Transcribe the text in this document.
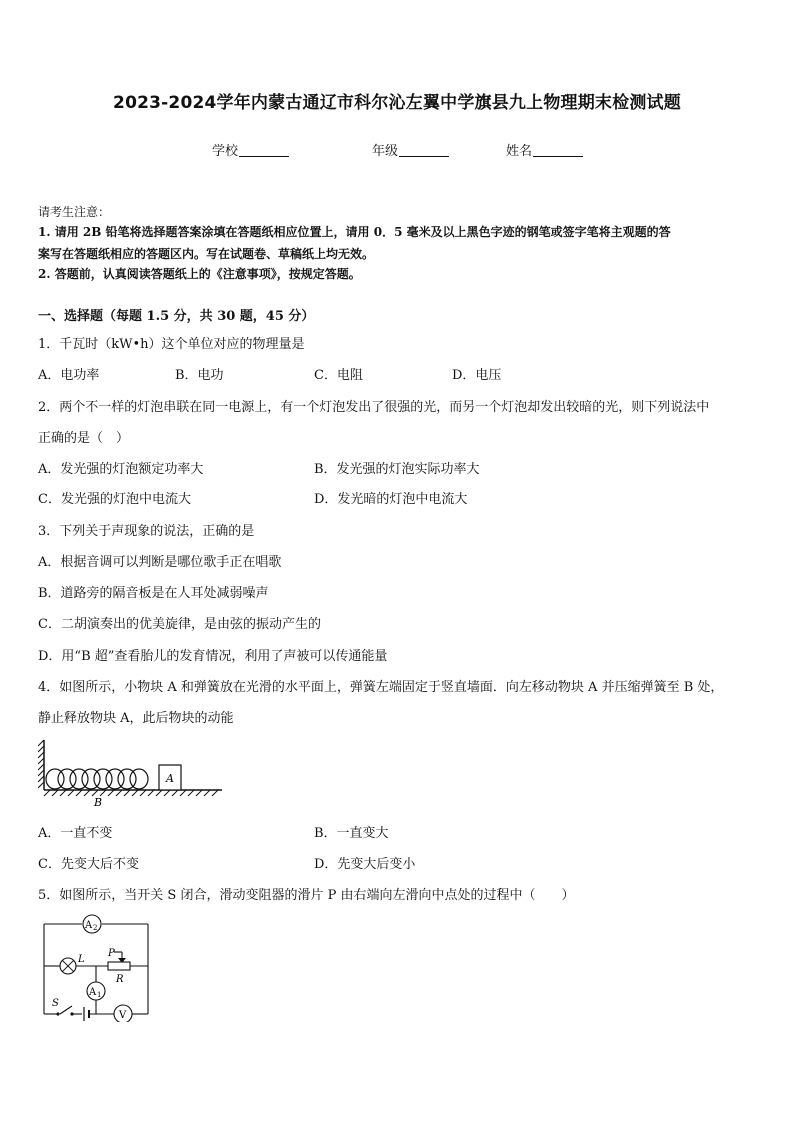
2023-2024学年内蒙古通辽市科尔沁左翼中学旗县九上物理期末检测试题
学校	年级	姓名
请考生注意：
1. 请用 2B 铅笔将选择题答案涂填在答题纸相应位置上，请用 0．5 毫米及以上黑色字迹的钢笔或签字笔将主观题的答
案写在答题纸相应的答题区内。写在试题卷、草稿纸上均无效。
2. 答题前，认真阅读答题纸上的《注意事项》，按规定答题。
一、选择题（每题 1.5 分，共 30 题，45 分）
1．千瓦时（kW•h）这个单位对应的物理量是
A．电功率	B．电功	C．电阻	D．电压
2．两个不一样的灯泡串联在同一电源上，有一个灯泡发出了很强的光，而另一个灯泡却发出较暗的光，则下列说法中
正确的是（　）
A．发光强的灯泡额定功率大	B．发光强的灯泡实际功率大
C．发光强的灯泡中电流大	D．发光暗的灯泡中电流大
3．下列关于声现象的说法，正确的是
A．根据音调可以判断是哪位歌手正在唱歌
B．道路旁的隔音板是在人耳处减弱噪声
C．二胡演奏出的优美旋律，是由弦的振动产生的
D．用“B 超”查看胎儿的发育情况，利用了声被可以传通能量
4．如图所示，小物块 A 和弹簧放在光滑的水平面上，弹簧左端固定于竖直墙面．向左移动物块 A 并压缩弹簧至 B 处，
静止释放物块 A，此后物块的动能
A
B
A．一直不变	B．一直变大
C．先变大后不变	D．先变大后变小
5．如图所示，当开关 S 闭合，滑动变阻器的滑片 P 由右端向左滑向中点处的过程中（　　）
A 2
L
P
R
A 1
S
V
